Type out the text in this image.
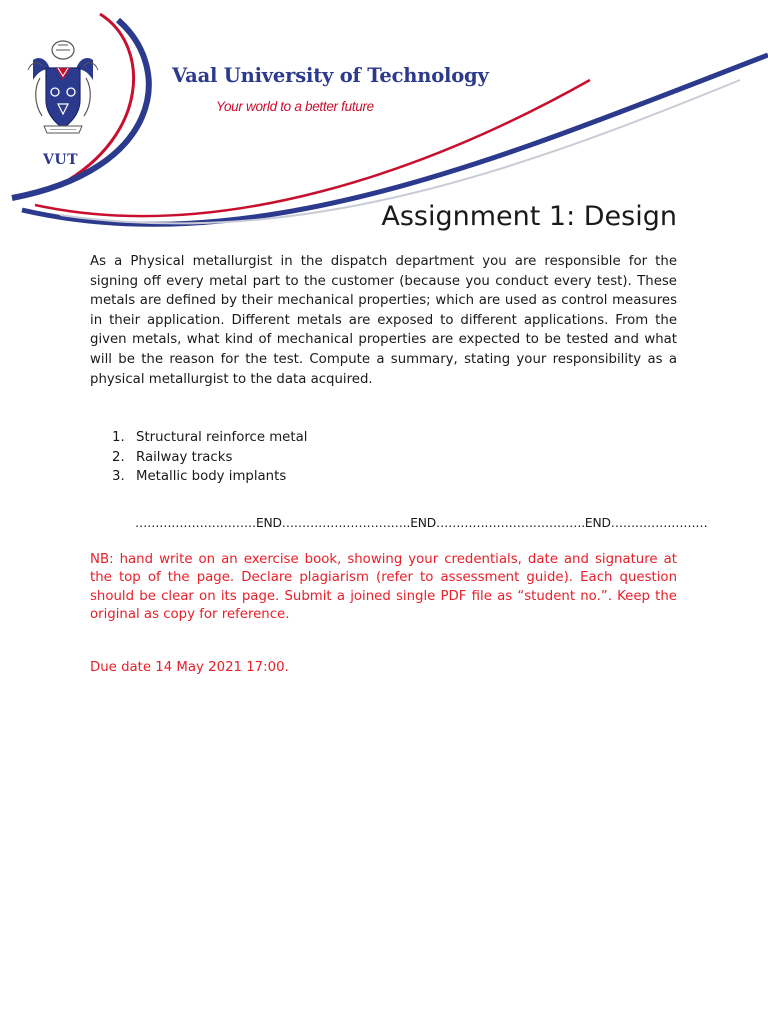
Vaal University of Technology
Your world to a better future
VUT
Assignment 1: Design
As a Physical metallurgist in the dispatch department you are responsible for the signing off every metal part to the customer (because you conduct every test). These metals are defined by their mechanical properties; which are used as control measures in their application. Different metals are exposed to different applications. From the given metals, what kind of mechanical properties are expected to be tested and what will be the reason for the test. Compute a summary, stating your responsibility as a physical metallurgist to the data acquired.
1. Structural reinforce metal
2. Railway tracks
3. Metallic body implants
…………………………END…………………………..END……………………………….END……………………
NB: hand write on an exercise book, showing your credentials, date and signature at the top of the page. Declare plagiarism (refer to assessment guide). Each question should be clear on its page. Submit a joined single PDF file as “student no.”. Keep the original as copy for reference.
Due date 14 May 2021 17:00.
